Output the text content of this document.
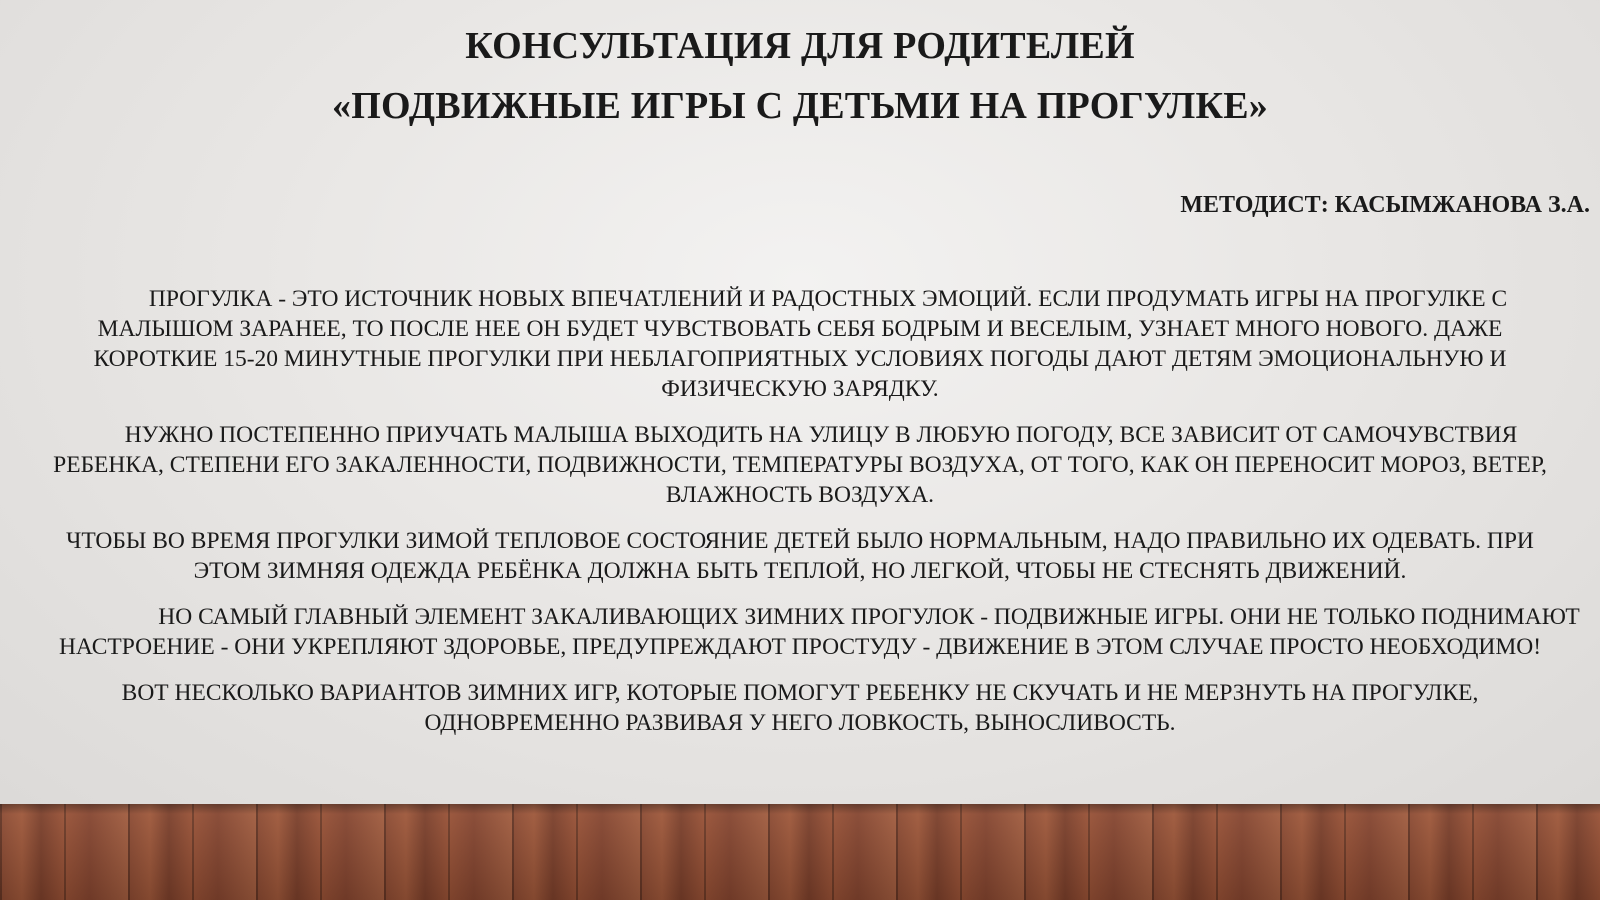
КОНСУЛЬТАЦИЯ ДЛЯ РОДИТЕЛЕЙ
«ПОДВИЖНЫЕ ИГРЫ С ДЕТЬМИ НА ПРОГУЛКЕ»
МЕТОДИСТ: КАСЫМЖАНОВА З.А.

ПРОГУЛКА - ЭТО ИСТОЧНИК НОВЫХ ВПЕЧАТЛЕНИЙ И РАДОСТНЫХ ЭМОЦИЙ. ЕСЛИ ПРОДУМАТЬ ИГРЫ НА ПРОГУЛКЕ С МАЛЫШОМ ЗАРАНЕЕ, ТО ПОСЛЕ НЕЕ ОН БУДЕТ ЧУВСТВОВАТЬ СЕБЯ БОДРЫМ И ВЕСЕЛЫМ, УЗНАЕТ МНОГО НОВОГО. ДАЖЕ КОРОТКИЕ 15-20 МИНУТНЫЕ ПРОГУЛКИ ПРИ НЕБЛАГОПРИЯТНЫХ УСЛОВИЯХ ПОГОДЫ ДАЮТ ДЕТЯМ ЭМОЦИОНАЛЬНУЮ И ФИЗИЧЕСКУЮ ЗАРЯДКУ.

НУЖНО ПОСТЕПЕННО ПРИУЧАТЬ МАЛЫША ВЫХОДИТЬ НА УЛИЦУ В ЛЮБУЮ ПОГОДУ, ВСЕ ЗАВИСИТ ОТ САМОЧУВСТВИЯ РЕБЕНКА, СТЕПЕНИ ЕГО ЗАКАЛЕННОСТИ, ПОДВИЖНОСТИ, ТЕМПЕРАТУРЫ ВОЗДУХА, ОТ ТОГО, КАК ОН ПЕРЕНОСИТ МОРОЗ, ВЕТЕР, ВЛАЖНОСТЬ ВОЗДУХА.

ЧТОБЫ ВО ВРЕМЯ ПРОГУЛКИ ЗИМОЙ ТЕПЛОВОЕ СОСТОЯНИЕ ДЕТЕЙ БЫЛО НОРМАЛЬНЫМ, НАДО ПРАВИЛЬНО ИХ ОДЕВАТЬ. ПРИ ЭТОМ ЗИМНЯЯ ОДЕЖДА РЕБЁНКА ДОЛЖНА БЫТЬ ТЕПЛОЙ, НО ЛЕГКОЙ, ЧТОБЫ НЕ СТЕСНЯТЬ ДВИЖЕНИЙ.

НО САМЫЙ ГЛАВНЫЙ ЭЛЕМЕНТ ЗАКАЛИВАЮЩИХ ЗИМНИХ ПРОГУЛОК - ПОДВИЖНЫЕ ИГРЫ. ОНИ НЕ ТОЛЬКО ПОДНИМАЮТ НАСТРОЕНИЕ - ОНИ УКРЕПЛЯЮТ ЗДОРОВЬЕ, ПРЕДУПРЕЖДАЮТ ПРОСТУДУ - ДВИЖЕНИЕ В ЭТОМ СЛУЧАЕ ПРОСТО НЕОБХОДИМО!

ВОТ НЕСКОЛЬКО ВАРИАНТОВ ЗИМНИХ ИГР, КОТОРЫЕ ПОМОГУТ РЕБЕНКУ НЕ СКУЧАТЬ И НЕ МЕРЗНУТЬ НА ПРОГУЛКЕ, ОДНОВРЕМЕННО РАЗВИВАЯ У НЕГО ЛОВКОСТЬ, ВЫНОСЛИВОСТЬ.
